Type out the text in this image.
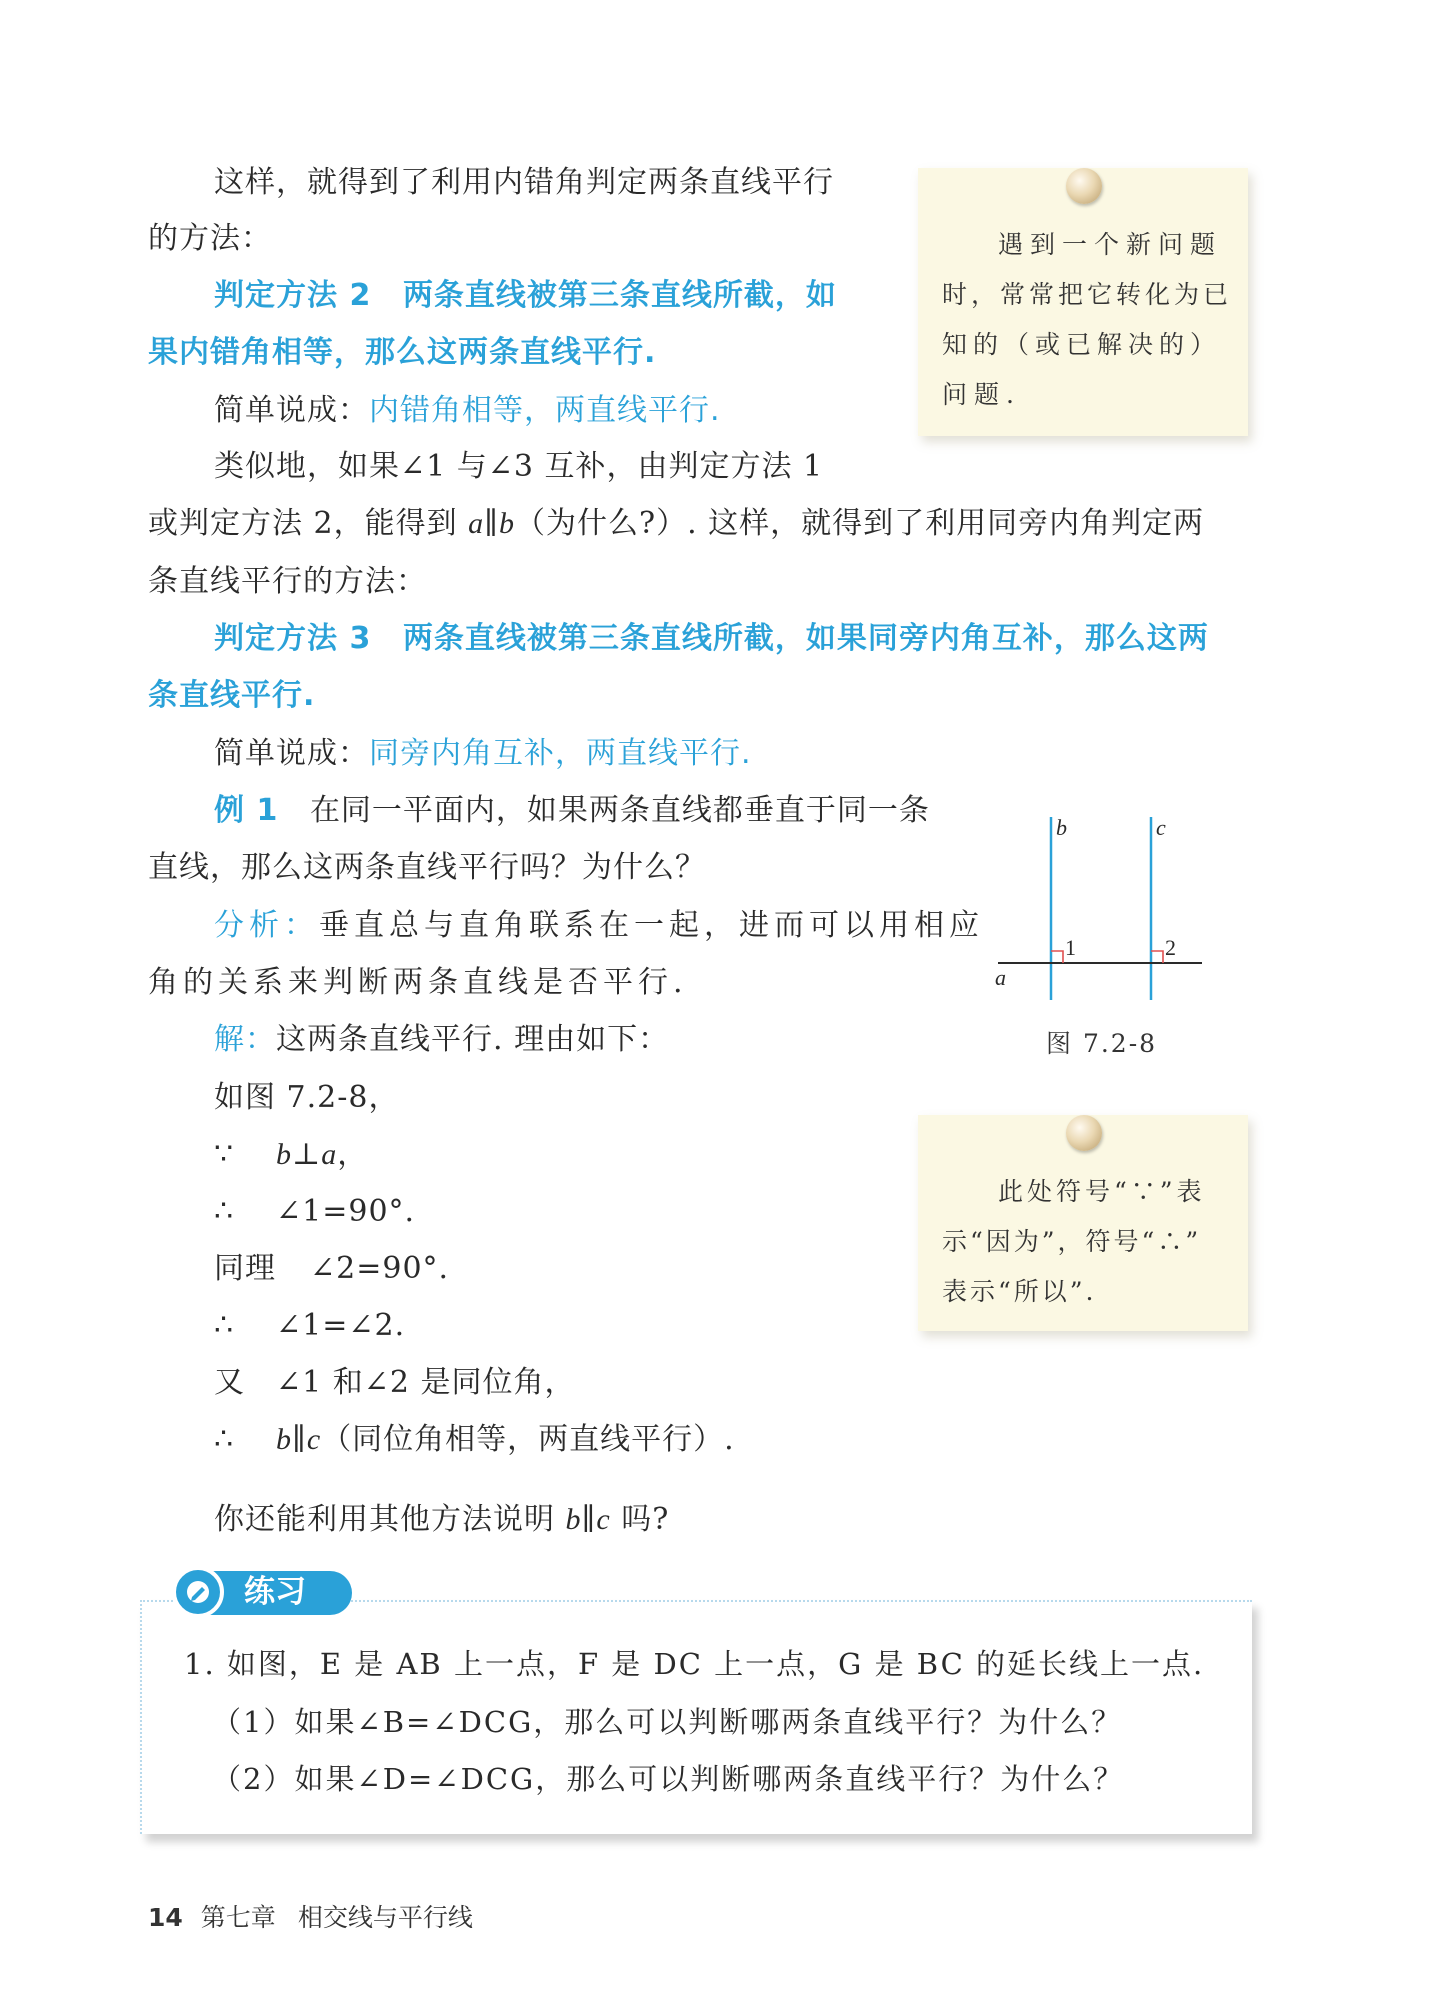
这样，就得到了利用内错角判定两条直线平行
的方法：
判定方法 2 两条直线被第三条直线所截，如
果内错角相等，那么这两条直线平行.
简单说成：内错角相等，两直线平行.
类似地，如果∠1 与∠3 互补，由判定方法 1
或判定方法 2，能得到 a∥b（为什么?）. 这样，就得到了利用同旁内角判定两
条直线平行的方法：
判定方法 3 两条直线被第三条直线所截，如果同旁内角互补，那么这两
条直线平行.
简单说成：同旁内角互补，两直线平行.
例 1 在同一平面内，如果两条直线都垂直于同一条
直线，那么这两条直线平行吗？为什么？
分析：垂直总与直角联系在一起，进而可以用相应
角的关系来判断两条直线是否平行.
解：这两条直线平行. 理由如下：
如图 7.2-8，
∵ b⊥a，
∴ ∠1=90°.
同理 ∠2=90°.
∴ ∠1=∠2.
又 ∠1 和∠2 是同位角，
∴ b∥c（同位角相等，两直线平行）.
你还能利用其他方法说明 b∥c 吗?
遇到一个新问题
时，常常把它转化为已
知的（或已解决的）
问题.
此处符号“∵”表
示“因为”，符号“∴”
表示“所以”.
b	c
a
1	2
图 7.2-8
1. 如图，E 是 AB 上一点，F 是 DC 上一点，G 是 BC 的延长线上一点.
（1）如果∠B=∠DCG，那么可以判断哪两条直线平行？为什么？
（2）如果∠D=∠DCG，那么可以判断哪两条直线平行？为什么？
练习
14 第七章 相交线与平行线
